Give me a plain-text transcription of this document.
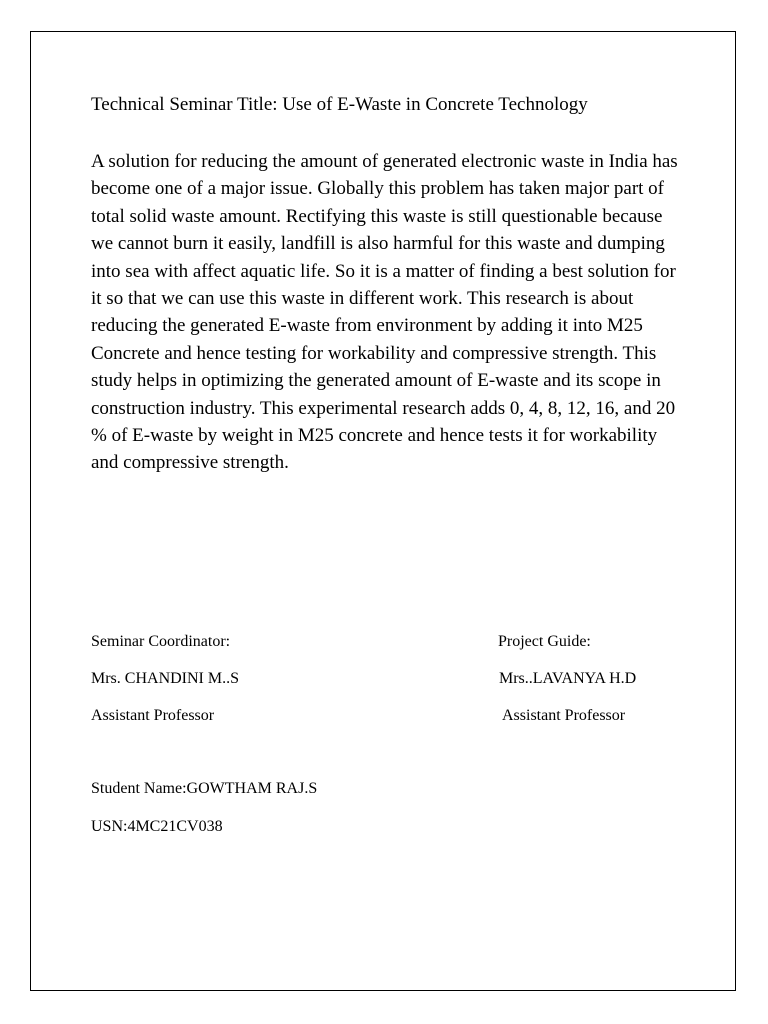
Technical Seminar Title: Use of E-Waste in Concrete Technology

A solution for reducing the amount of generated electronic waste in India has become one of a major issue. Globally this problem has taken major part of total solid waste amount. Rectifying this waste is still questionable because we cannot burn it easily, landfill is also harmful for this waste and dumping into sea with affect aquatic life. So it is a matter of finding a best solution for it so that we can use this waste in different work. This research is about reducing the generated E-waste from environment by adding it into M25 Concrete and hence testing for workability and compressive strength. This study helps in optimizing the generated amount of E-waste and its scope in construction industry. This experimental research adds 0, 4, 8, 12, 16, and 20 % of E-waste by weight in M25 concrete and hence tests it for workability and compressive strength.

Seminar Coordinator:
Mrs. CHANDINI M..S
Assistant Professor
Project Guide:
Mrs..LAVANYA H.D
Assistant Professor
Student Name:GOWTHAM RAJ.S
USN:4MC21CV038
